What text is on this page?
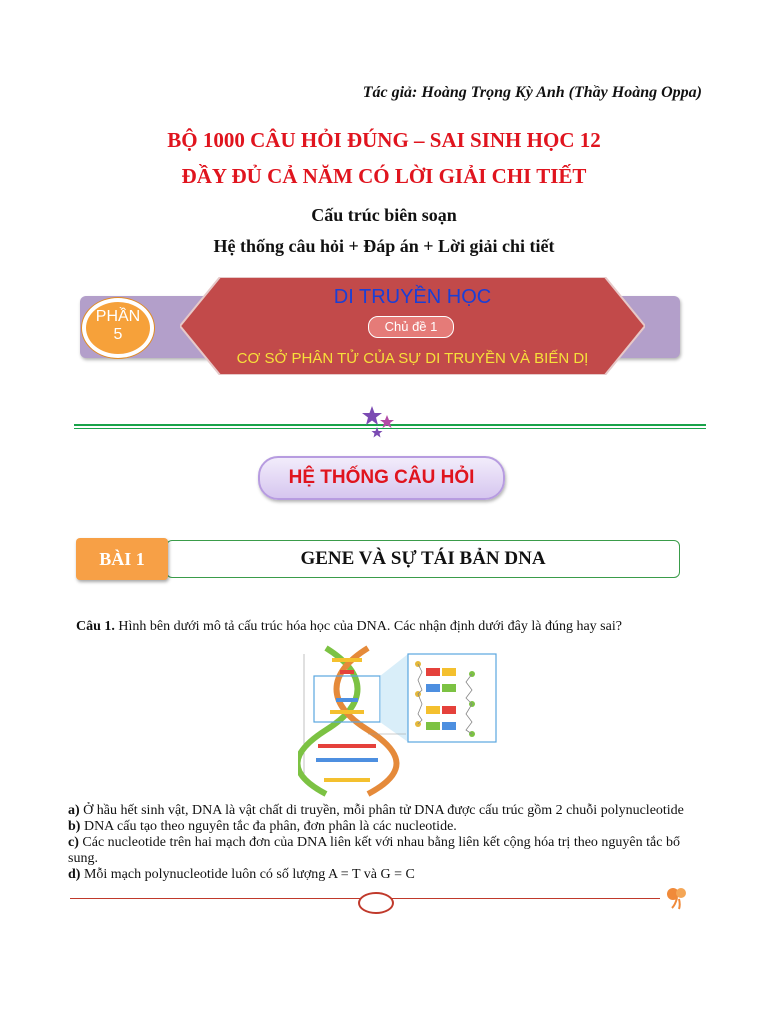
Tác giả: Hoàng Trọng Kỳ Anh (Thầy Hoàng Oppa)
BỘ 1000 CÂU HỎI ĐÚNG – SAI SINH HỌC 12
ĐẦY ĐỦ CẢ NĂM CÓ LỜI GIẢI CHI TIẾT
Cấu trúc biên soạn
Hệ thống câu hỏi + Đáp án + Lời giải chi tiết
PHẦN
5
DI TRUYỀN HỌC
Chủ đề 1
CƠ SỞ PHÂN TỬ CỦA SỰ DI TRUYỀN VÀ BIẾN DỊ
HỆ THỐNG CÂU HỎI
GENE VÀ SỰ TÁI BẢN DNA
BÀI 1
Câu 1. Hình bên dưới mô tả cấu trúc hóa học của DNA. Các nhận định dưới đây là đúng hay sai?
a) Ở hầu hết sinh vật, DNA là vật chất di truyền, mỗi phân tử DNA được cấu trúc gồm 2 chuỗi polynucleotide
b) DNA cấu tạo theo nguyên tắc đa phân, đơn phân là các nucleotide.
c) Các nucleotide trên hai mạch đơn của DNA liên kết với nhau bằng liên kết cộng hóa trị theo nguyên tắc bổ sung.
d) Mỗi mạch polynucleotide luôn có số lượng A = T và G = C
